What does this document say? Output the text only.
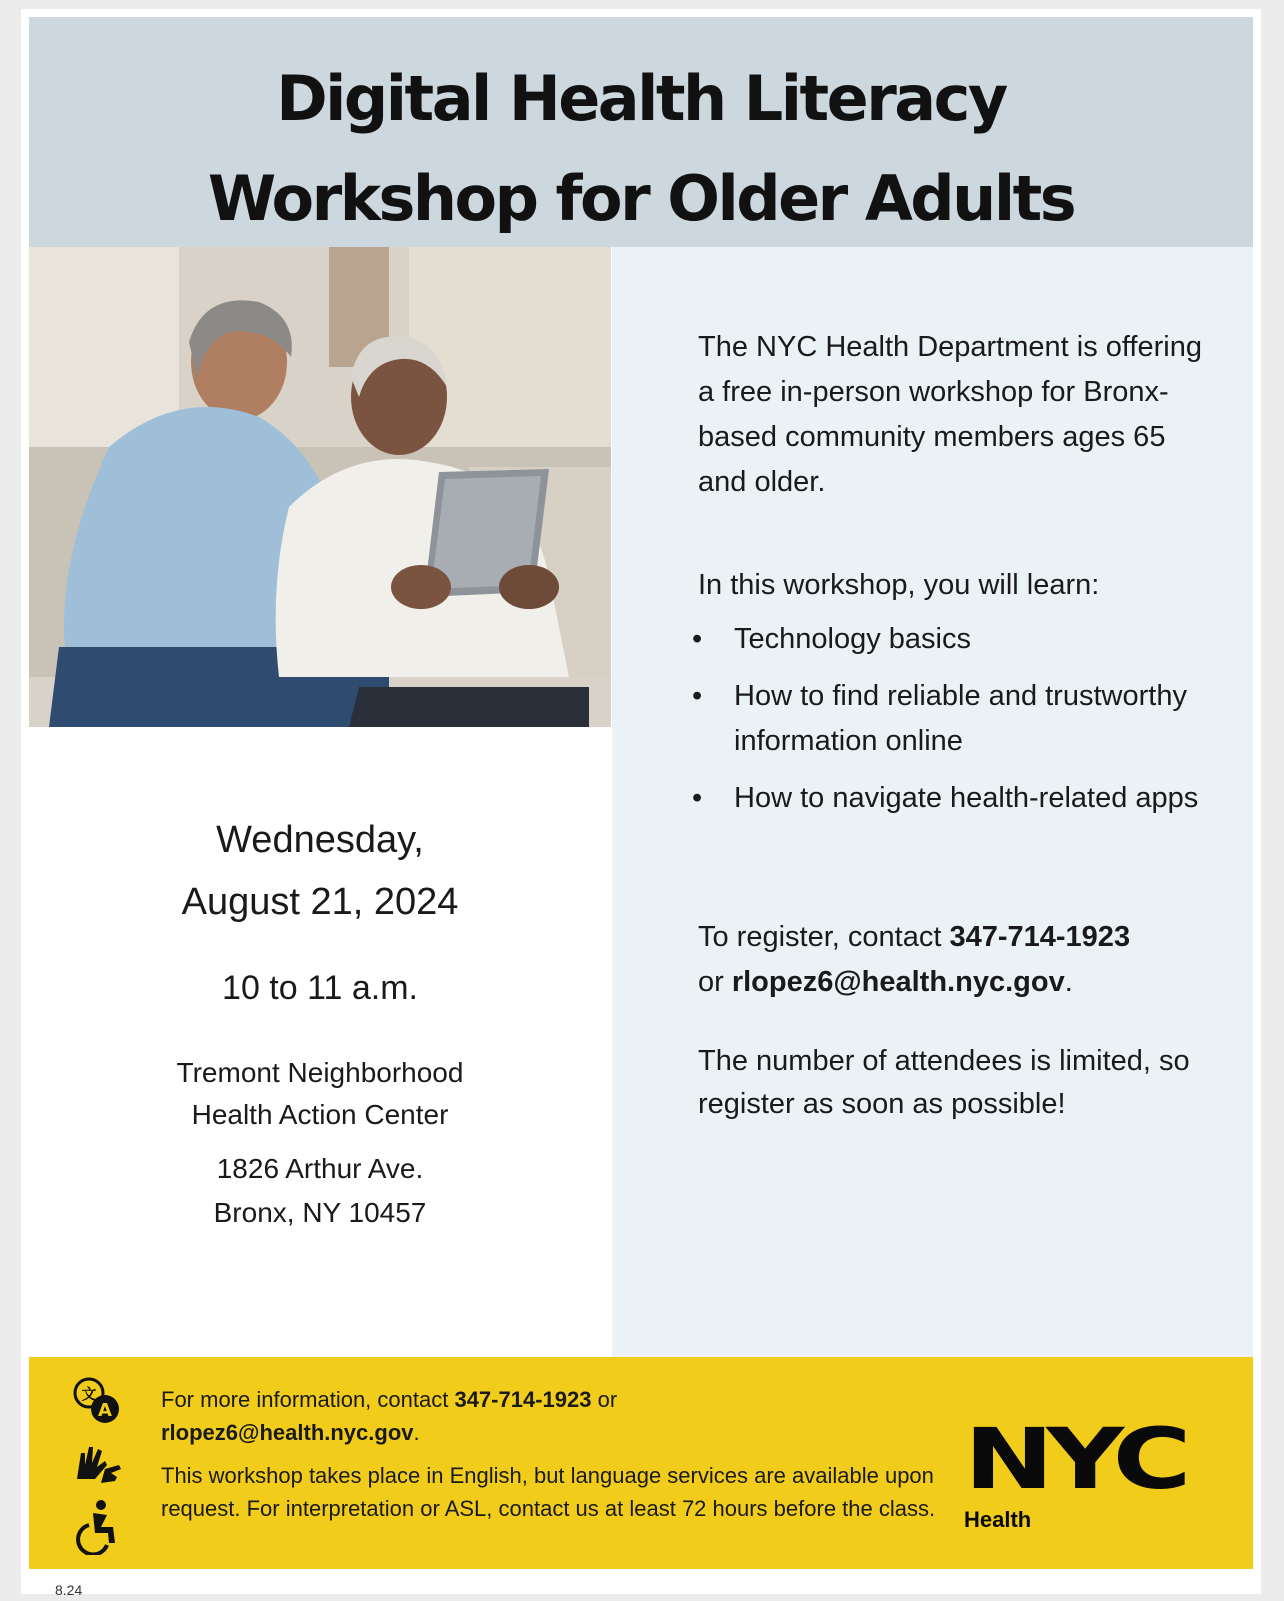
Digital Health Literacy
Workshop for Older Adults
The NYC Health Department is offering a free in-person workshop for Bronx-based community members ages 65 and older.
In this workshop, you will learn:
• Technology basics
• How to find reliable and trustworthy information online
• How to navigate health-related apps
To register, contact 347-714-1923
or rlopez6@health.nyc.gov.
The number of attendees is limited, so register as soon as possible!
Wednesday,
August 21, 2024
10 to 11 a.m.
Tremont Neighborhood
Health Action Center
1826 Arthur Ave.
Bronx, NY 10457
A
文	For more information, contact 347-714-1923 or
rlopez6@health.nyc.gov.
This workshop takes place in English, but language services are available upon request. For interpretation or ASL, contact us at least 72 hours before the class.
NYC
Health
8.24
